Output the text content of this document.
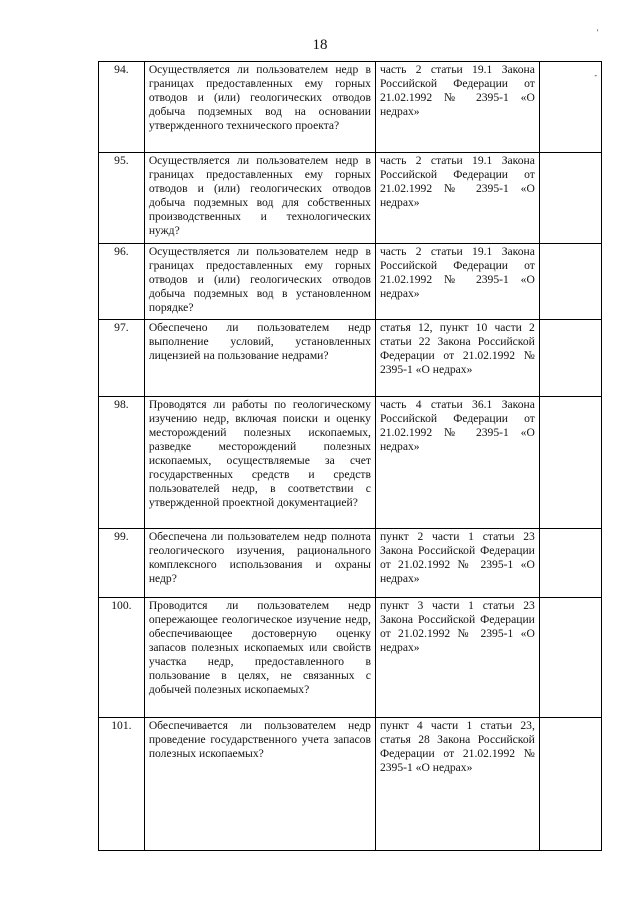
18
'
94.	Осуществляется ли пользователем недр в границах предоставленных ему горных отводов и (или) геологических отводов добыча подземных вод на основании утвержденного технического проекта?	часть 2 статьи 19.1 Закона Российской Федерации от 21.02.1992 № 2395-1 «О недрах»	-

95.	Осуществляется ли пользователем недр в границах предоставленных ему горных отводов и (или) геологических отводов добыча подземных вод для собственных производственных и технологических нужд?	часть 2 статьи 19.1 Закона Российской Федерации от 21.02.1992 № 2395-1 «О недрах»	
96.	Осуществляется ли пользователем недр в границах предоставленных ему горных отводов и (или) геологических отводов добыча подземных вод в установленном порядке?	часть 2 статьи 19.1 Закона Российской Федерации от 21.02.1992 № 2395-1 «О недрах»	
97.	Обеспечено ли пользователем недр выполнение условий, установленных лицензией на пользование недрами?	статья 12, пункт 10 части 2 статьи 22 Закона Российской Федерации от 21.02.1992 № 2395-1 «О недрах»	
98.	Проводятся ли работы по геологическому изучению недр, включая поиски и оценку месторождений полезных ископаемых, разведке месторождений полезных ископаемых, осуществляемые за счет государственных средств и средств пользователей недр, в соответствии с утвержденной проектной документацией?	часть 4 статьи 36.1 Закона Российской Федерации от 21.02.1992 № 2395-1 «О недрах»	
99.	Обеспечена ли пользователем недр полнота геологического изучения, рационального комплексного использования и охраны недр?	пункт 2 части 1 статьи 23 Закона Российской Федерации от 21.02.1992 № 2395-1 «О недрах»	
100.	Проводится ли пользователем недр опережающее геологическое изучение недр, обеспечивающее достоверную оценку запасов полезных ископаемых или свойств участка недр, предоставленного в пользование в целях, не связанных с добычей полезных ископаемых?	пункт 3 части 1 статьи 23 Закона Российской Федерации от 21.02.1992 № 2395-1 «О недрах»	
101.	Обеспечивается ли пользователем недр проведение государственного учета запасов полезных ископаемых?	пункт 4 части 1 статьи 23, статья 28 Закона Российской Федерации от 21.02.1992 № 2395-1 «О недрах»	
